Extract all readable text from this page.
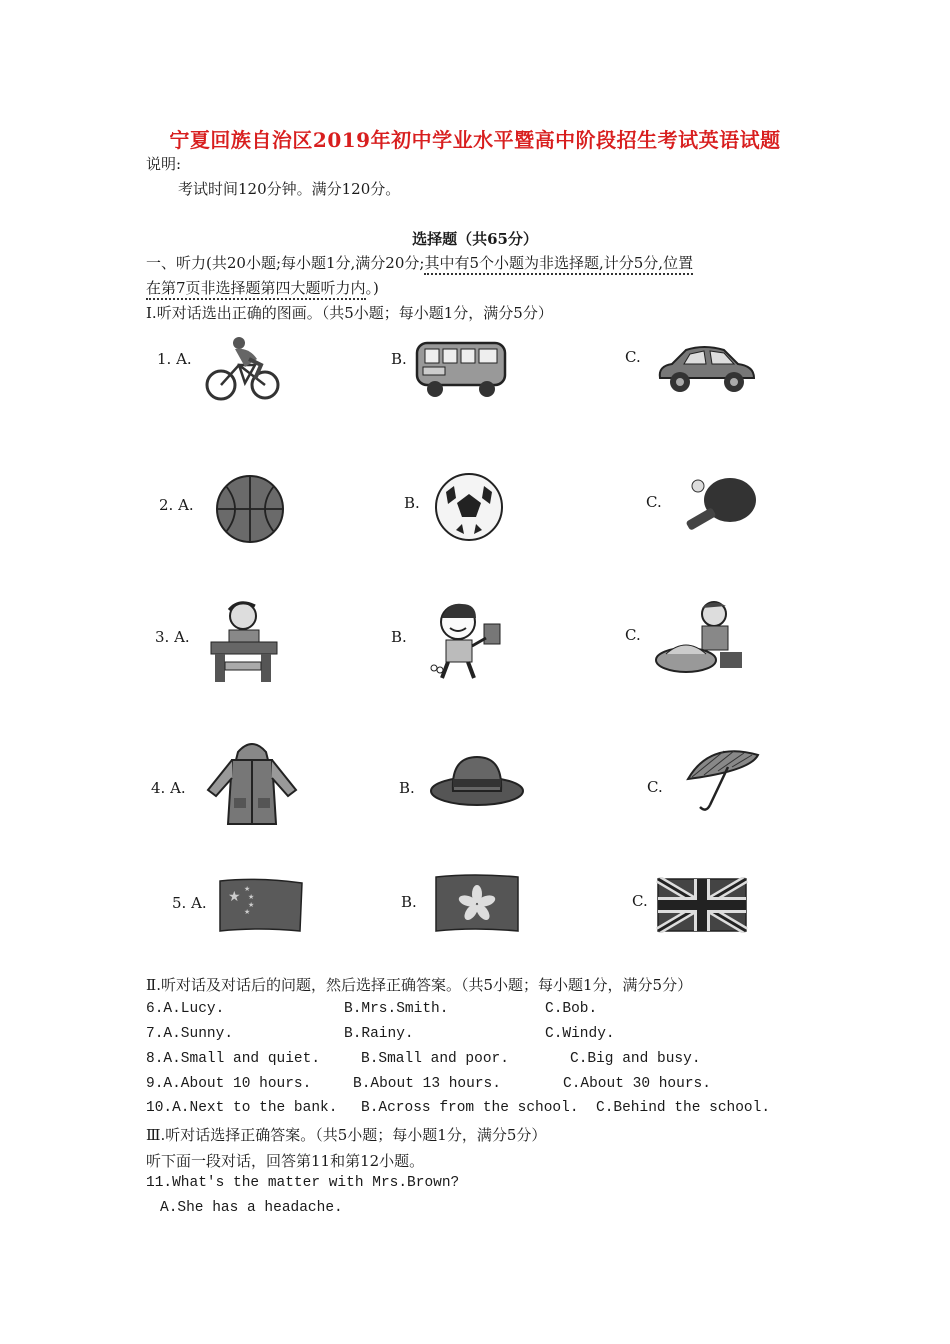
宁夏回族自治区2019年初中学业水平暨高中阶段招生考试英语试题
说明:
考试时间120分钟。满分120分。
选择题（共65分）
一、听力(共20小题;每小题1分,满分20分;其中有5个小题为非选择题,计分5分,位置
在第7页非选择题第四大题听力内。)
Ⅰ.听对话选出正确的图画。（共5小题；每小题1分，满分5分）
1. A.	B.	C.
2. A.	B.	C.
3. A.	B.	C.
4. A.	B.	C.
5. A.	B.	C.
★ ★
★
★
★
Ⅱ.听对话及对话后的问题，然后选择正确答案。（共5小题；每小题1分，满分5分）
6.A.Lucy.	B.Mrs.Smith.	C.Bob.
7.A.Sunny.	B.Rainy.	C.Windy.
8.A.Small and quiet.	B.Small and poor.	C.Big and busy.
9.A.About 10 hours.	B.About 13 hours.	C.About 30 hours.
10.A.Next to the bank. B.Across from the school. C.Behind the school.
Ⅲ.听对话选择正确答案。（共5小题；每小题1分，满分5分）
听下面一段对话，回答第11和第12小题。
11.What's the matter with Mrs.Brown?
A.She has a headache.
